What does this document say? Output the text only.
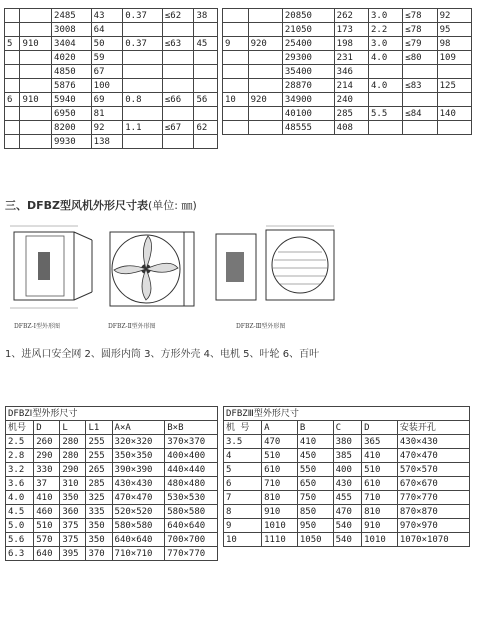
		2485	43	0.37	≤62	38
		3008	64			
5	910	3404	50	0.37	≤63	45
		4020	59			
		4850	67			
		5876	100			
6	910	5940	69	0.8	≤66	56
		6950	81			
		8200	92	1.1	≤67	62
		9930	138			
		20850	262	3.0	≤78	92
		21050	173	2.2	≤78	95
9	920	25400	198	3.0	≤79	98
		29300	231	4.0	≤80	109
		35400	346			
		28870	214	4.0	≤83	125
10	920	34900	240			
		40100	285	5.5	≤84	140
		48555	408			
三、DFBZ型风机外形尺寸表(单位: ㎜)
DFBZ-Ⅰ型外形图	DFBZ-Ⅱ型外形图	DFBZ-Ⅲ型外形图
1、进风口安全网 2、圆形内筒 3、方形外壳 4、电机 5、叶轮 6、百叶
DFBZⅠ型外形尺寸					
机号	D	L	L1	A×A	B×B
2.5	260	280	255	320×320	370×370
2.8	290	280	255	350×350	400×400
3.2	330	290	265	390×390	440×440
3.6	37	310	285	430×430	480×480
4.0	410	350	325	470×470	530×530
4.5	460	360	335	520×520	580×580
5.0	510	375	350	580×580	640×640
5.6	570	375	350	640×640	700×700
6.3	640	395	370	710×710	770×770
DFBZⅢ型外形尺寸					
机 号	A	B	C	D	安装开孔
3.5	470	410	380	365	430×430
4	510	450	385	410	470×470
5	610	550	400	510	570×570
6	710	650	430	610	670×670
7	810	750	455	710	770×770
8	910	850	470	810	870×870
9	1010	950	540	910	970×970
10	1110	1050	540	1010	1070×1070
